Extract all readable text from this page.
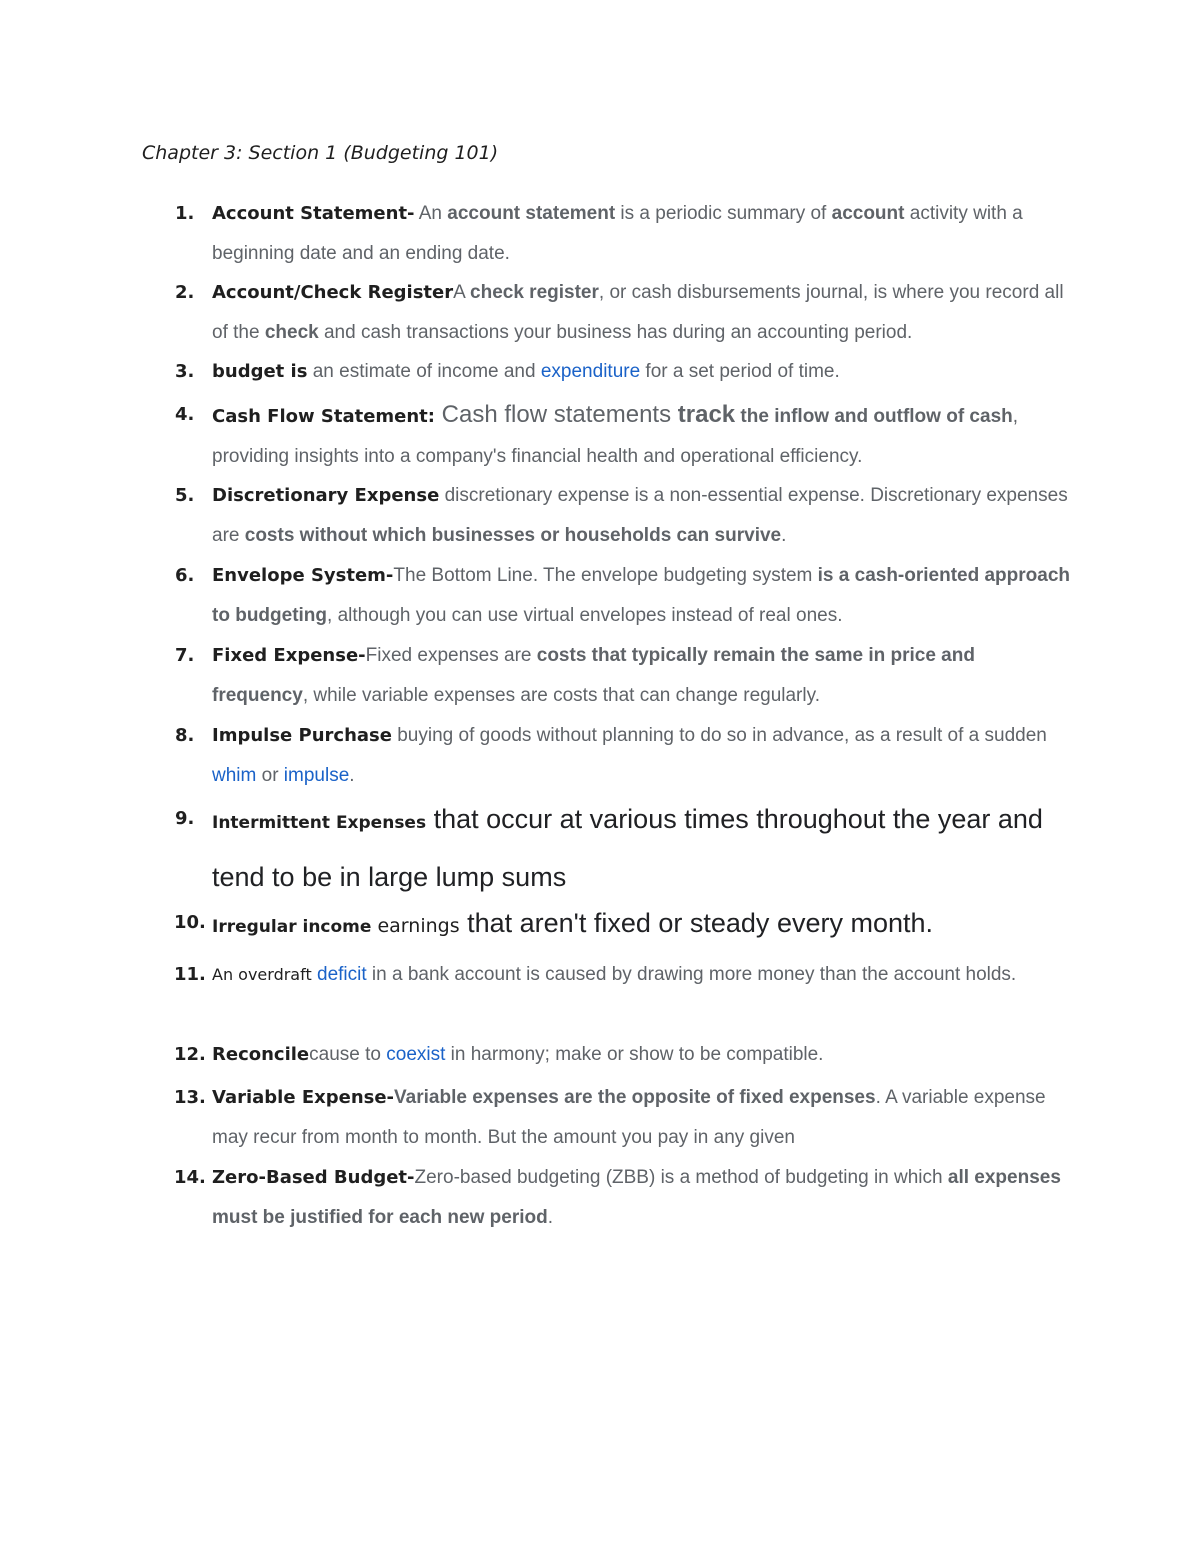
Chapter 3: Section 1 (Budgeting 101)
1. Account Statement- An account statement is a periodic summary of account activity with a beginning date and an ending date.
2. Account/Check RegisterA check register, or cash disbursements journal, is where you record all of the check and cash transactions your business has during an accounting period.
3. budget is an estimate of income and expenditure for a set period of time.
4. Cash Flow Statement: Cash flow statements track the inflow and outflow of cash, providing insights into a company's financial health and operational efficiency.
5. Discretionary Expense discretionary expense is a non-essential expense. Discretionary expenses are costs without which businesses or households can survive.
6. Envelope System-The Bottom Line. The envelope budgeting system is a cash-oriented approach to budgeting, although you can use virtual envelopes instead of real ones.
7. Fixed Expense-Fixed expenses are costs that typically remain the same in price and frequency, while variable expenses are costs that can change regularly.
8. Impulse Purchase buying of goods without planning to do so in advance, as a result of a sudden whim or impulse.
9. Intermittent Expenses that occur at various times throughout the year and tend to be in large lump sums
10. Irregular income earnings that aren't fixed or steady every month.
11. An overdraft deficit in a bank account is caused by drawing more money than the account holds.
12. Reconcilecause to coexist in harmony; make or show to be compatible.
13. Variable Expense-Variable expenses are the opposite of fixed expenses. A variable expense may recur from month to month. But the amount you pay in any given
14. Zero-Based Budget-Zero-based budgeting (ZBB) is a method of budgeting in which all expenses must be justified for each new period.
